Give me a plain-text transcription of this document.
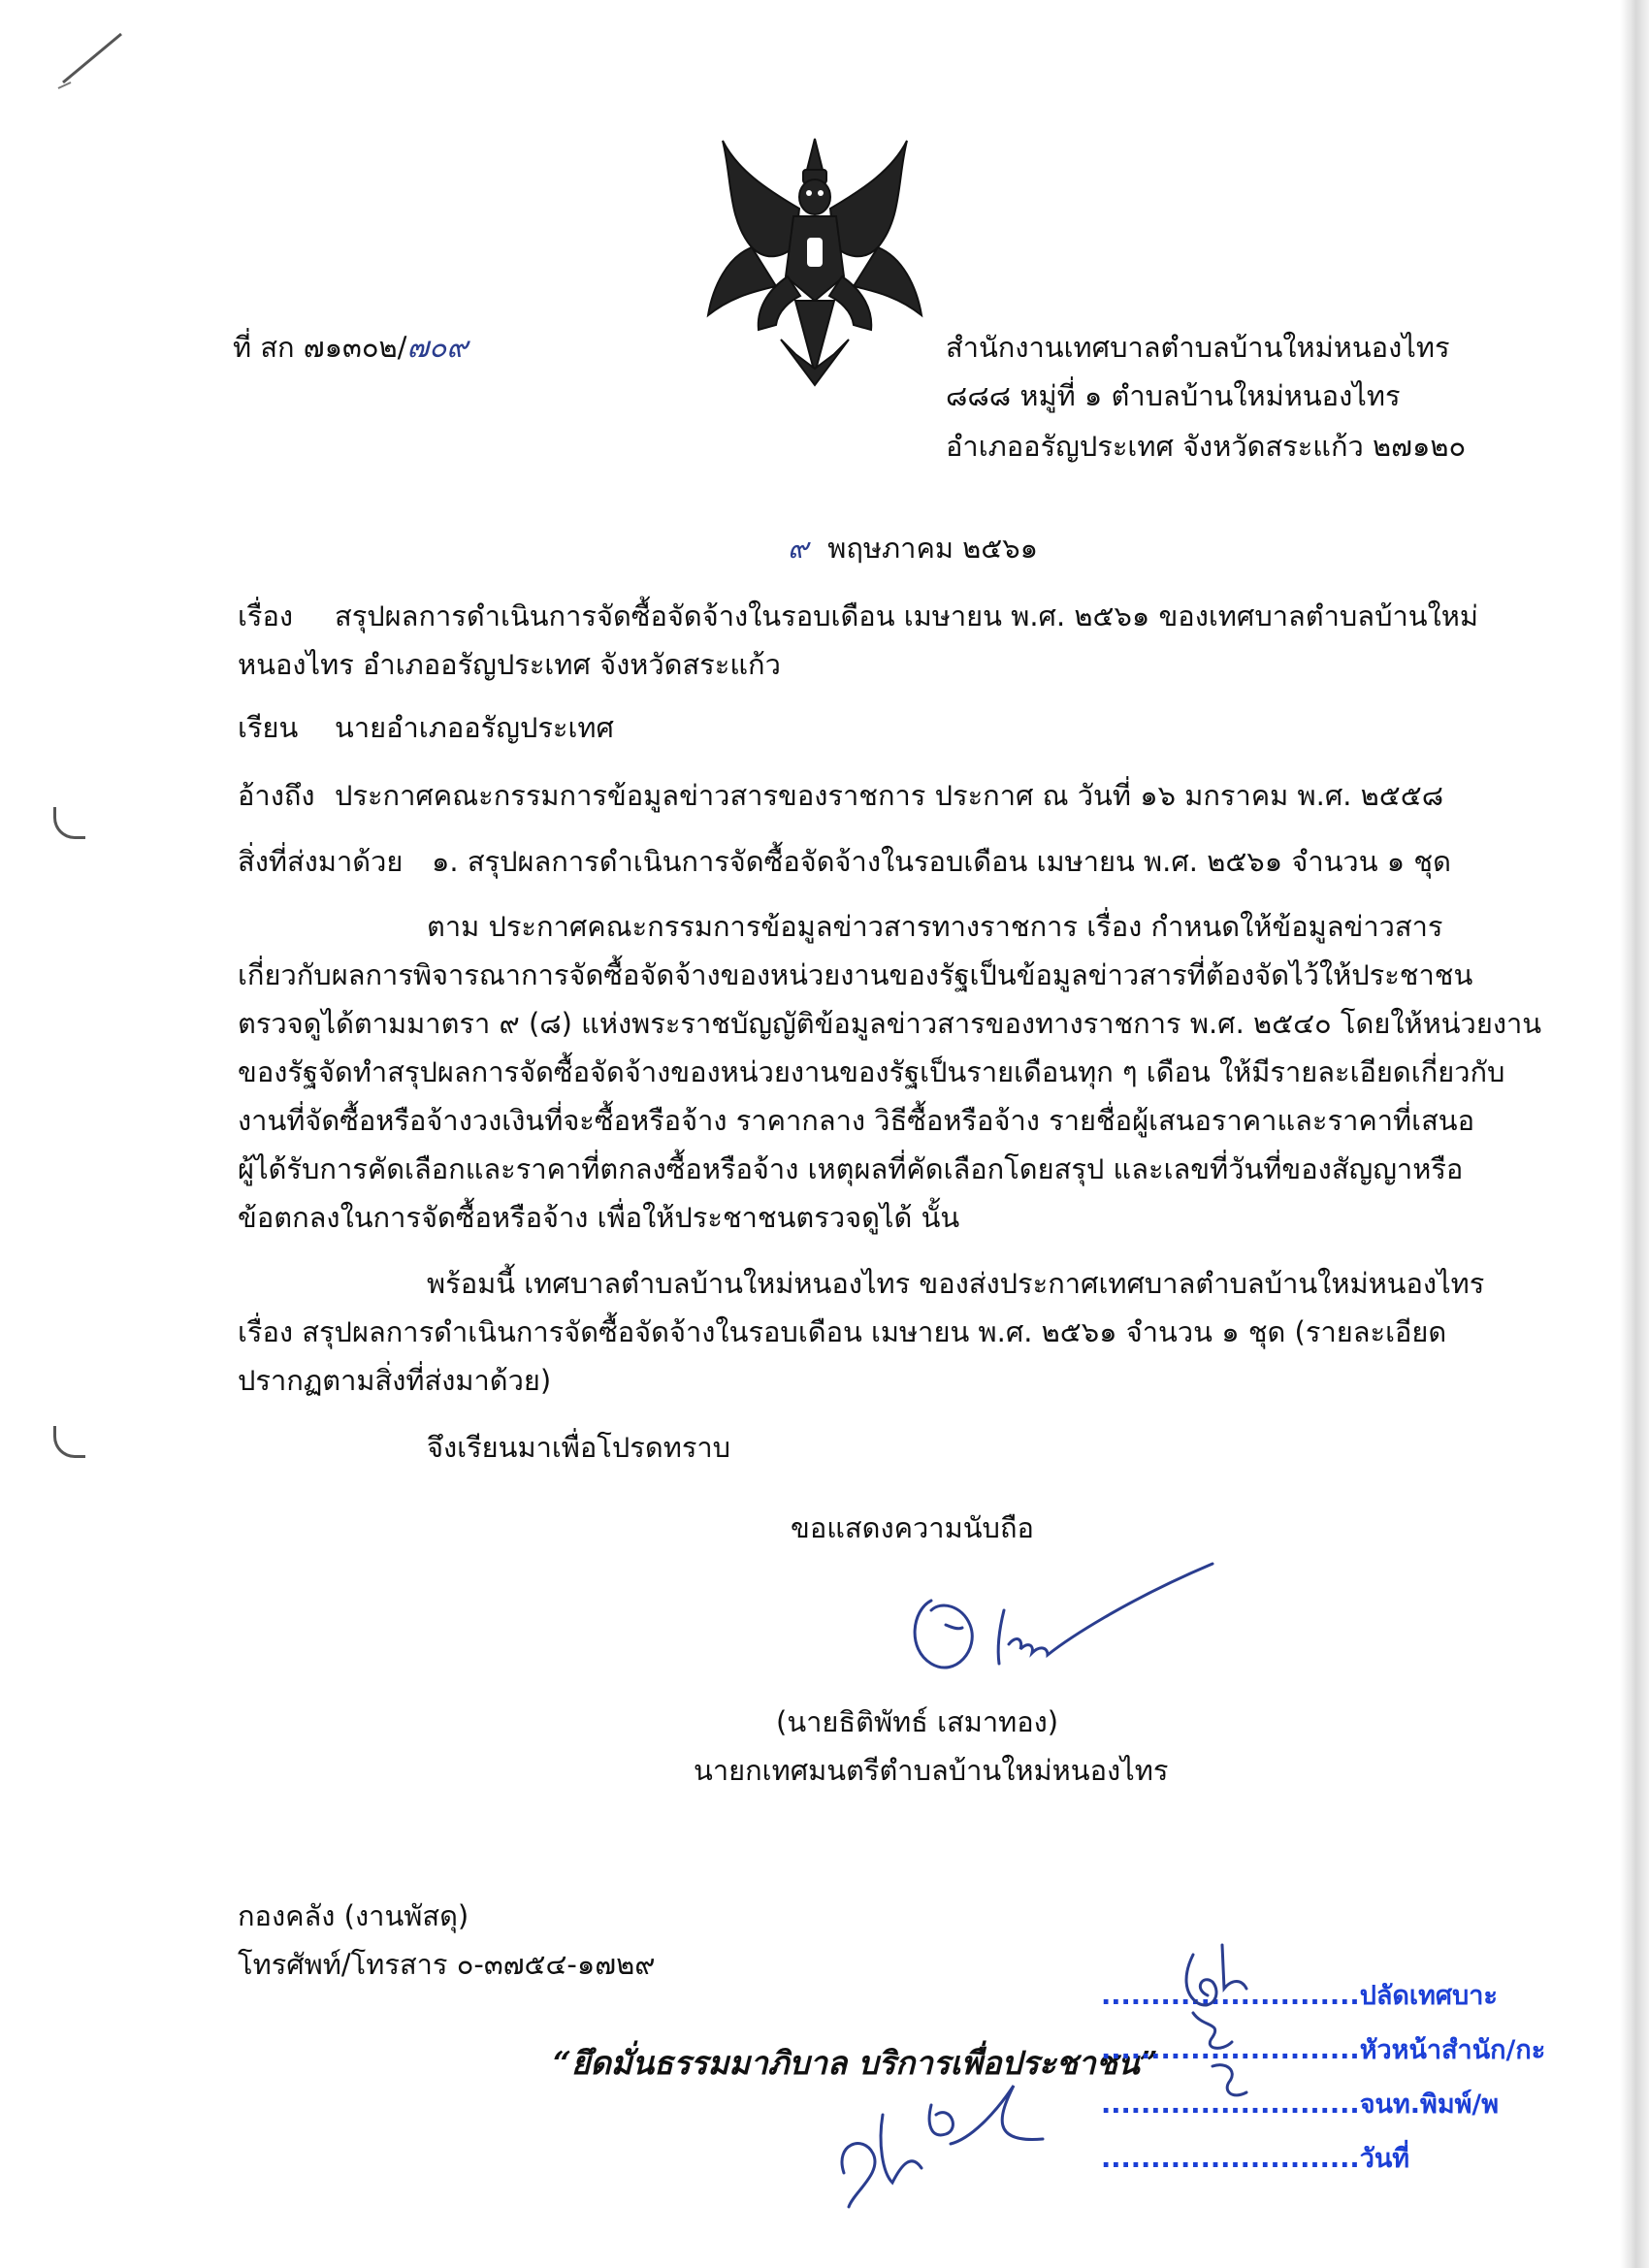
ที่ สก ๗๑๓๐๒/๗๐๙	สำนักงานเทศบาลตำบลบ้านใหม่หนองไทร
๘๘๘ หมู่ที่ ๑ ตำบลบ้านใหม่หนองไทร
อำเภออรัญประเทศ จังหวัดสระแก้ว ๒๗๑๒๐
๙ พฤษภาคม ๒๕๖๑
เรื่อง สรุปผลการดำเนินการจัดซื้อจัดจ้างในรอบเดือน เมษายน พ.ศ. ๒๕๖๑ ของเทศบาลตำบลบ้านใหม่
หนองไทร อำเภออรัญประเทศ จังหวัดสระแก้ว
เรียน นายอำเภออรัญประเทศ
อ้างถึง ประกาศคณะกรรมการข้อมูลข่าวสารของราชการ ประกาศ ณ วันที่ ๑๖ มกราคม พ.ศ. ๒๕๕๘
สิ่งที่ส่งมาด้วย ๑. สรุปผลการดำเนินการจัดซื้อจัดจ้างในรอบเดือน เมษายน พ.ศ. ๒๕๖๑ จำนวน ๑ ชุด
ตาม ประกาศคณะกรรมการข้อมูลข่าวสารทางราชการ เรื่อง กำหนดให้ข้อมูลข่าวสาร
เกี่ยวกับผลการพิจารณาการจัดซื้อจัดจ้างของหน่วยงานของรัฐเป็นข้อมูลข่าวสารที่ต้องจัดไว้ให้ประชาชน
ตรวจดูได้ตามมาตรา ๙ (๘) แห่งพระราชบัญญัติข้อมูลข่าวสารของทางราชการ พ.ศ. ๒๕๔๐ โดยให้หน่วยงาน
ของรัฐจัดทำสรุปผลการจัดซื้อจัดจ้างของหน่วยงานของรัฐเป็นรายเดือนทุก ๆ เดือน ให้มีรายละเอียดเกี่ยวกับ
งานที่จัดซื้อหรือจ้างวงเงินที่จะซื้อหรือจ้าง ราคากลาง วิธีซื้อหรือจ้าง รายชื่อผู้เสนอราคาและราคาที่เสนอ
ผู้ได้รับการคัดเลือกและราคาที่ตกลงซื้อหรือจ้าง เหตุผลที่คัดเลือกโดยสรุป และเลขที่วันที่ของสัญญาหรือ
ข้อตกลงในการจัดซื้อหรือจ้าง เพื่อให้ประชาชนตรวจดูได้ นั้น
พร้อมนี้ เทศบาลตำบลบ้านใหม่หนองไทร ของส่งประกาศเทศบาลตำบลบ้านใหม่หนองไทร
เรื่อง สรุปผลการดำเนินการจัดซื้อจัดจ้างในรอบเดือน เมษายน พ.ศ. ๒๕๖๑ จำนวน ๑ ชุด (รายละเอียด
ปรากฏตามสิ่งที่ส่งมาด้วย)
จึงเรียนมาเพื่อโปรดทราบ
ขอแสดงความนับถือ
(นายธิติพัทธ์ เสมาทอง)
นายกเทศมนตรีตำบลบ้านใหม่หนองไทร
กองคลัง (งานพัสดุ)
โทรศัพท์/โทรสาร ๐-๓๗๕๔-๑๗๒๙
“ยึดมั่นธรรมมาภิบาล บริการเพื่อประชาชน”
..........................ปลัดเทศบาะ
..........................หัวหน้าสำนัก/กะ
..........................จนท.พิมพ์/พ
..........................วันที่
